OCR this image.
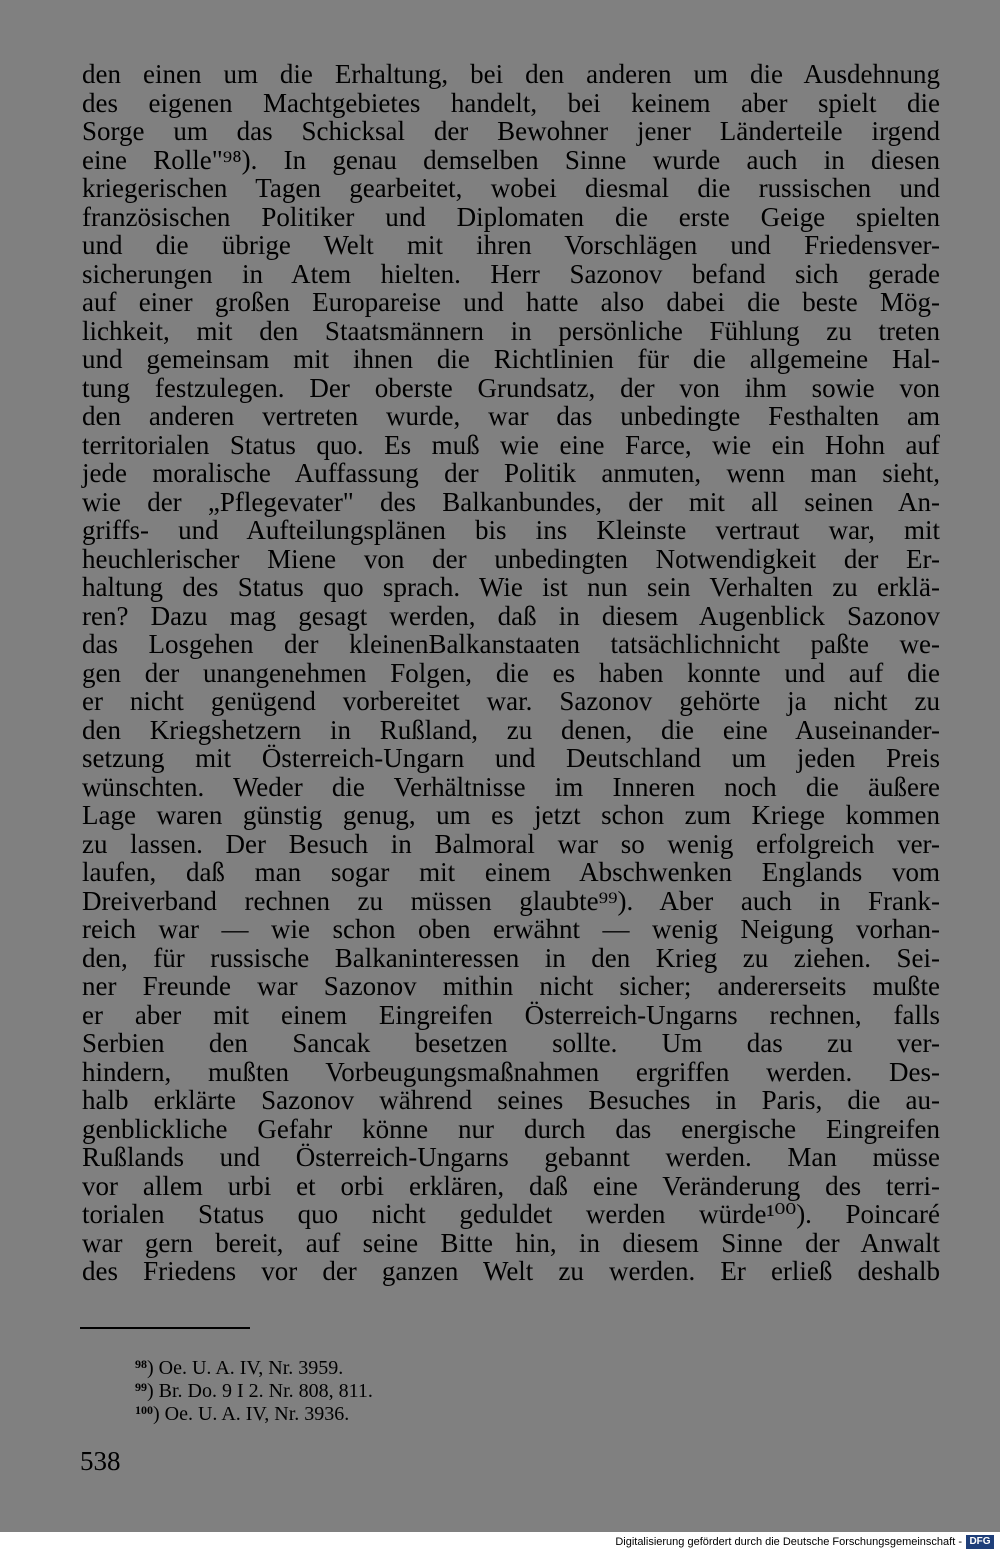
den einen um die Erhaltung, bei den anderen um die Ausdehnung
des eigenen Machtgebietes handelt, bei keinem aber spielt die
Sorge um das Schicksal der Bewohner jener Länderteile irgend
eine Rolle"⁹⁸). In genau demselben Sinne wurde auch in diesen
kriegerischen Tagen gearbeitet, wobei diesmal die russischen und
französischen Politiker und Diplomaten die erste Geige spielten
und die übrige Welt mit ihren Vorschlägen und Friedensver-
sicherungen in Atem hielten. Herr Sazonov befand sich gerade
auf einer großen Europareise und hatte also dabei die beste Mög-
lichkeit, mit den Staatsmännern in persönliche Fühlung zu treten
und gemeinsam mit ihnen die Richtlinien für die allgemeine Hal-
tung festzulegen. Der oberste Grundsatz, der von ihm sowie von
den anderen vertreten wurde, war das unbedingte Festhalten am
territorialen Status quo. Es muß wie eine Farce, wie ein Hohn auf
jede moralische Auffassung der Politik anmuten, wenn man sieht,
wie der „Pflegevater" des Balkanbundes, der mit all seinen An-
griffs- und Aufteilungsplänen bis ins Kleinste vertraut war, mit
heuchlerischer Miene von der unbedingten Notwendigkeit der Er-
haltung des Status quo sprach. Wie ist nun sein Verhalten zu erklä-
ren? Dazu mag gesagt werden, daß in diesem Augenblick Sazonov
das Losgehen der kleinenBalkanstaaten tatsächlichnicht paßte we-
gen der unangenehmen Folgen, die es haben konnte und auf die
er nicht genügend vorbereitet war. Sazonov gehörte ja nicht zu
den Kriegshetzern in Rußland, zu denen, die eine Auseinander-
setzung mit Österreich-Ungarn und Deutschland um jeden Preis
wünschten. Weder die Verhältnisse im Inneren noch die äußere
Lage waren günstig genug, um es jetzt schon zum Kriege kommen
zu lassen. Der Besuch in Balmoral war so wenig erfolgreich ver-
laufen, daß man sogar mit einem Abschwenken Englands vom
Dreiverband rechnen zu müssen glaubte⁹⁹). Aber auch in Frank-
reich war — wie schon oben erwähnt — wenig Neigung vorhan-
den, für russische Balkaninteressen in den Krieg zu ziehen. Sei-
ner Freunde war Sazonov mithin nicht sicher; andererseits mußte
er aber mit einem Eingreifen Österreich-Ungarns rechnen, falls
Serbien den Sancak besetzen sollte. Um das zu ver-
hindern, mußten Vorbeugungsmaßnahmen ergriffen werden. Des-
halb erklärte Sazonov während seines Besuches in Paris, die au-
genblickliche Gefahr könne nur durch das energische Eingreifen
Rußlands und Österreich-Ungarns gebannt werden. Man müsse
vor allem urbi et orbi erklären, daß eine Veränderung des terri-
torialen Status quo nicht geduldet werden würde¹⁰⁰). Poincaré
war gern bereit, auf seine Bitte hin, in diesem Sinne der Anwalt
des Friedens vor der ganzen Welt zu werden. Er erließ deshalb
$^{98}$) Oe. U. A. IV, Nr. 3959.
$^{99}$) Br. Do. 9 I 2. Nr. 808, 811.
$^{100}$) Oe. U. A. IV, Nr. 3936.
538
Digitalisierung gefördert durch die Deutsche Forschungsgemeinschaft - DFG
